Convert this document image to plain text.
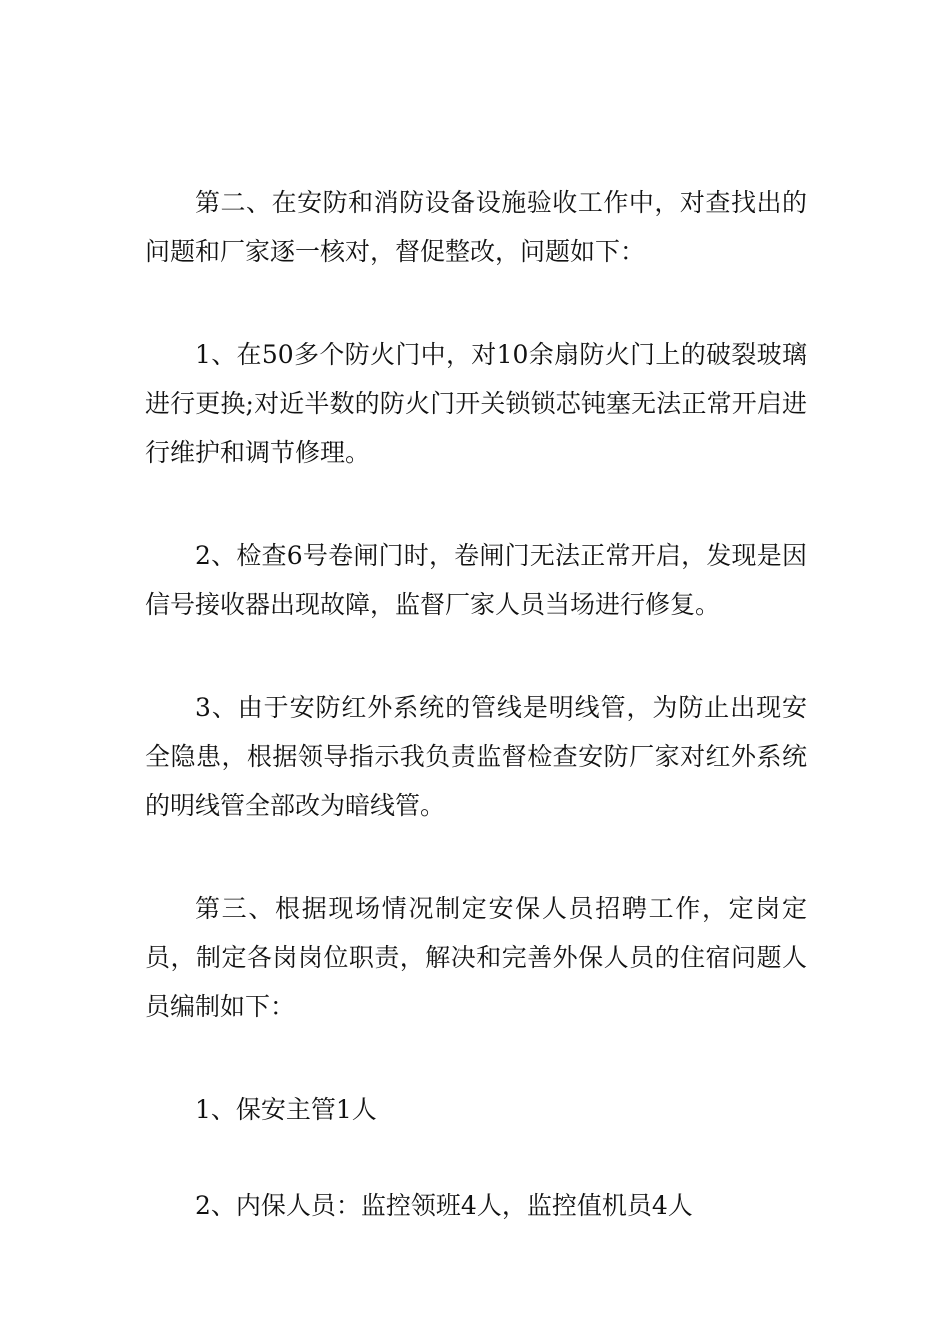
第二、在安防和消防设备设施验收工作中，对查找出的问题和厂家逐一核对，督促整改，问题如下：

1、在50多个防火门中，对10余扇防火门上的破裂玻璃进行更换;对近半数的防火门开关锁锁芯钝塞无法正常开启进行维护和调节修理。

2、检查6号卷闸门时，卷闸门无法正常开启，发现是因信号接收器出现故障，监督厂家人员当场进行修复。

3、由于安防红外系统的管线是明线管，为防止出现安全隐患，根据领导指示我负责监督检查安防厂家对红外系统的明线管全部改为暗线管。

第三、根据现场情况制定安保人员招聘工作，定岗定员，制定各岗岗位职责，解决和完善外保人员的住宿问题人员编制如下：

1、保安主管1人

2、内保人员：监控领班4人，监控值机员4人
